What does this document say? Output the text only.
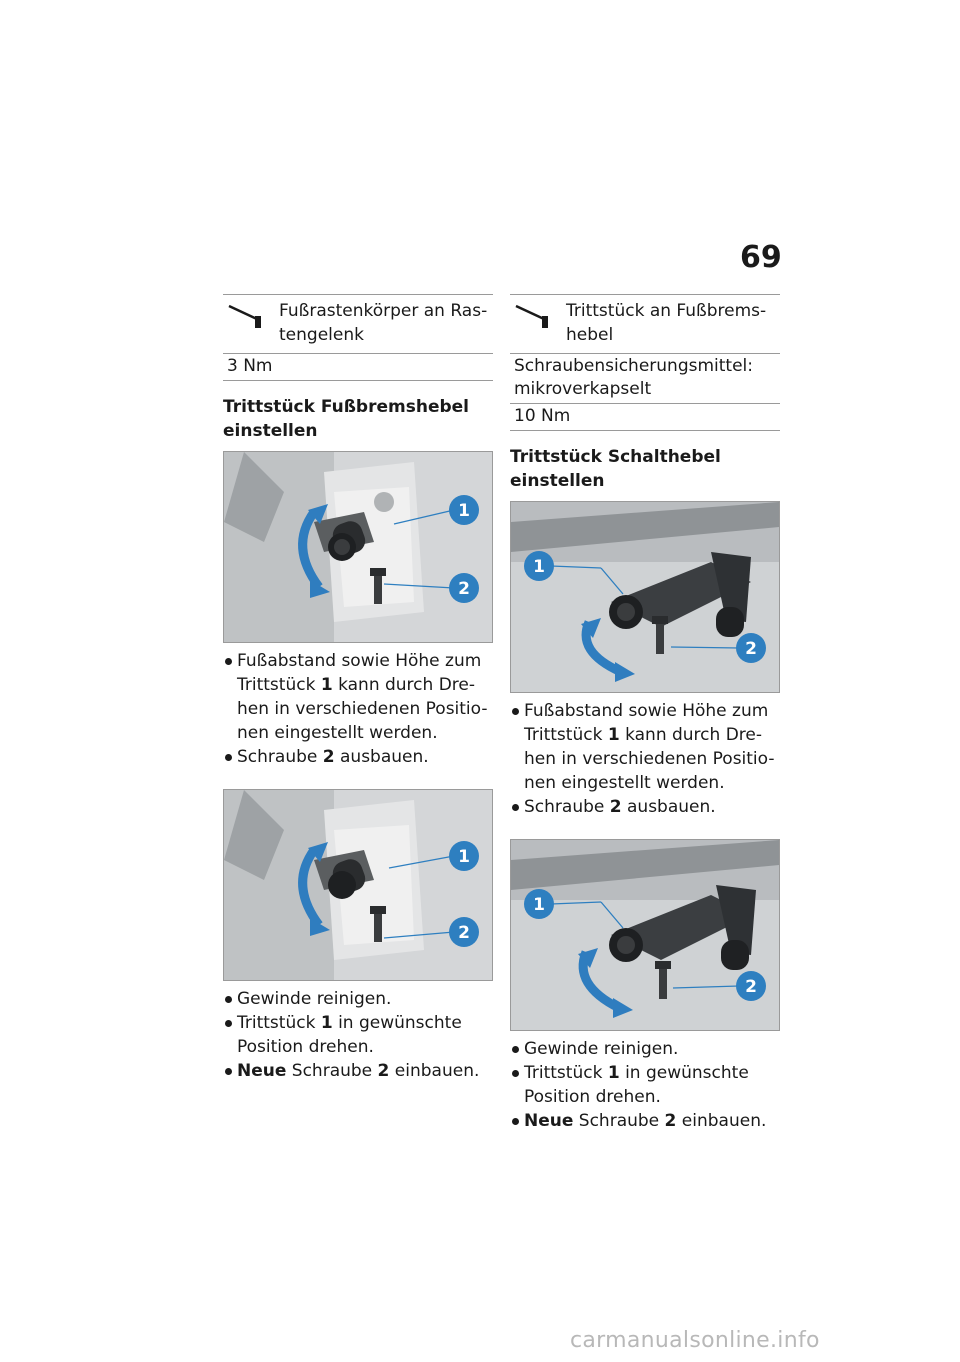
69
Fußrastenkörper an Ras-
tengelenk
3 Nm
Trittstück Fußbremshebel einstellen
1
2
Fußabstand sowie Höhe zum Trittstück 1 kann durch Dre-
hen in verschiedenen Positio-
nen eingestellt werden.
Schraube 2 ausbauen.
1
2
Gewinde reinigen.
Trittstück 1 in gewünschte
Position drehen.
Neue Schraube 2 einbauen.
Trittstück an Fußbrems-
hebel
Schraubensicherungsmittel:
mikroverkapselt
10 Nm
Trittstück Schalthebel einstellen
1
2
Fußabstand sowie Höhe zum Trittstück 1 kann durch Dre-
hen in verschiedenen Positio-
nen eingestellt werden.
Schraube 2 ausbauen.
1
2
Gewinde reinigen.
Trittstück 1 in gewünschte
Position drehen.
Neue Schraube 2 einbauen.
carmanualsonline.info
